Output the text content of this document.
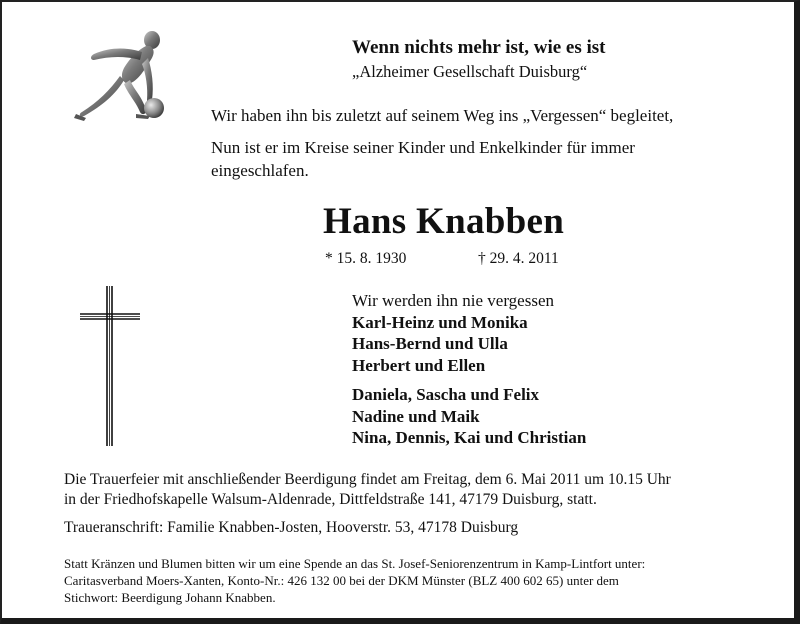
Wenn nichts mehr ist, wie es ist
„Alzheimer Gesellschaft Duisburg“
Wir haben ihn bis zuletzt auf seinem Weg ins „Vergessen“ begleitet,
Nun ist er im Kreise seiner Kinder und Enkelkinder für immer eingeschlafen.
Hans Knabben
* 15. 8. 1930	† 29. 4. 2011
Wir werden ihn nie vergessen
Karl-Heinz und Monika
Hans-Bernd und Ulla
Herbert und Ellen
Daniela, Sascha und Felix
Nadine und Maik
Nina, Dennis, Kai und Christian
Die Trauerfeier mit anschließender Beerdigung findet am Freitag, dem 6. Mai 2011 um 10.15 Uhr
in der Friedhofskapelle Walsum-Aldenrade, Dittfeldstraße 141, 47179 Duisburg, statt.
Traueranschrift: Familie Knabben-Josten, Hooverstr. 53, 47178 Duisburg
Statt Kränzen und Blumen bitten wir um eine Spende an das St. Josef-Seniorenzentrum in Kamp-Lintfort unter:
Caritasverband Moers-Xanten, Konto-Nr.: 426 132 00 bei der DKM Münster (BLZ 400 602 65) unter dem
Stichwort: Beerdigung Johann Knabben.
